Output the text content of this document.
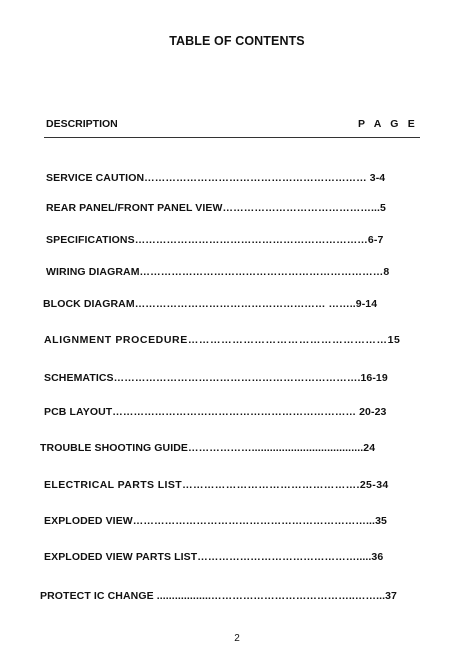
TABLE OF CONTENTS
DESCRIPTION	P A G E
SERVICE CAUTION……………………………………………………… 3-4
REAR PANEL/FRONT PANEL VIEW……………………………………...5
SPECIFICATIONS…………………………………………………………6-7
WIRING DIAGRAM……………………………………………………………8
BLOCK DIAGRAM……………………………………………… ……..9-14
ALIGNMENT PROCEDURE………………………………………………15
SCHEMATICS…………………………………………………………….16-19
PCB LAYOUT…………………………………………………………… 20-23
TROUBLE SHOOTING GUIDE……………….....................................24
ELECTRICAL PARTS LIST………………………………………….25-34
EXPLODED VIEW…………………………………………………………...35
EXPLODED VIEW PARTS LIST……………………………………….....36
PROTECT IC CHANGE ..................…………………………………..……...37
2
